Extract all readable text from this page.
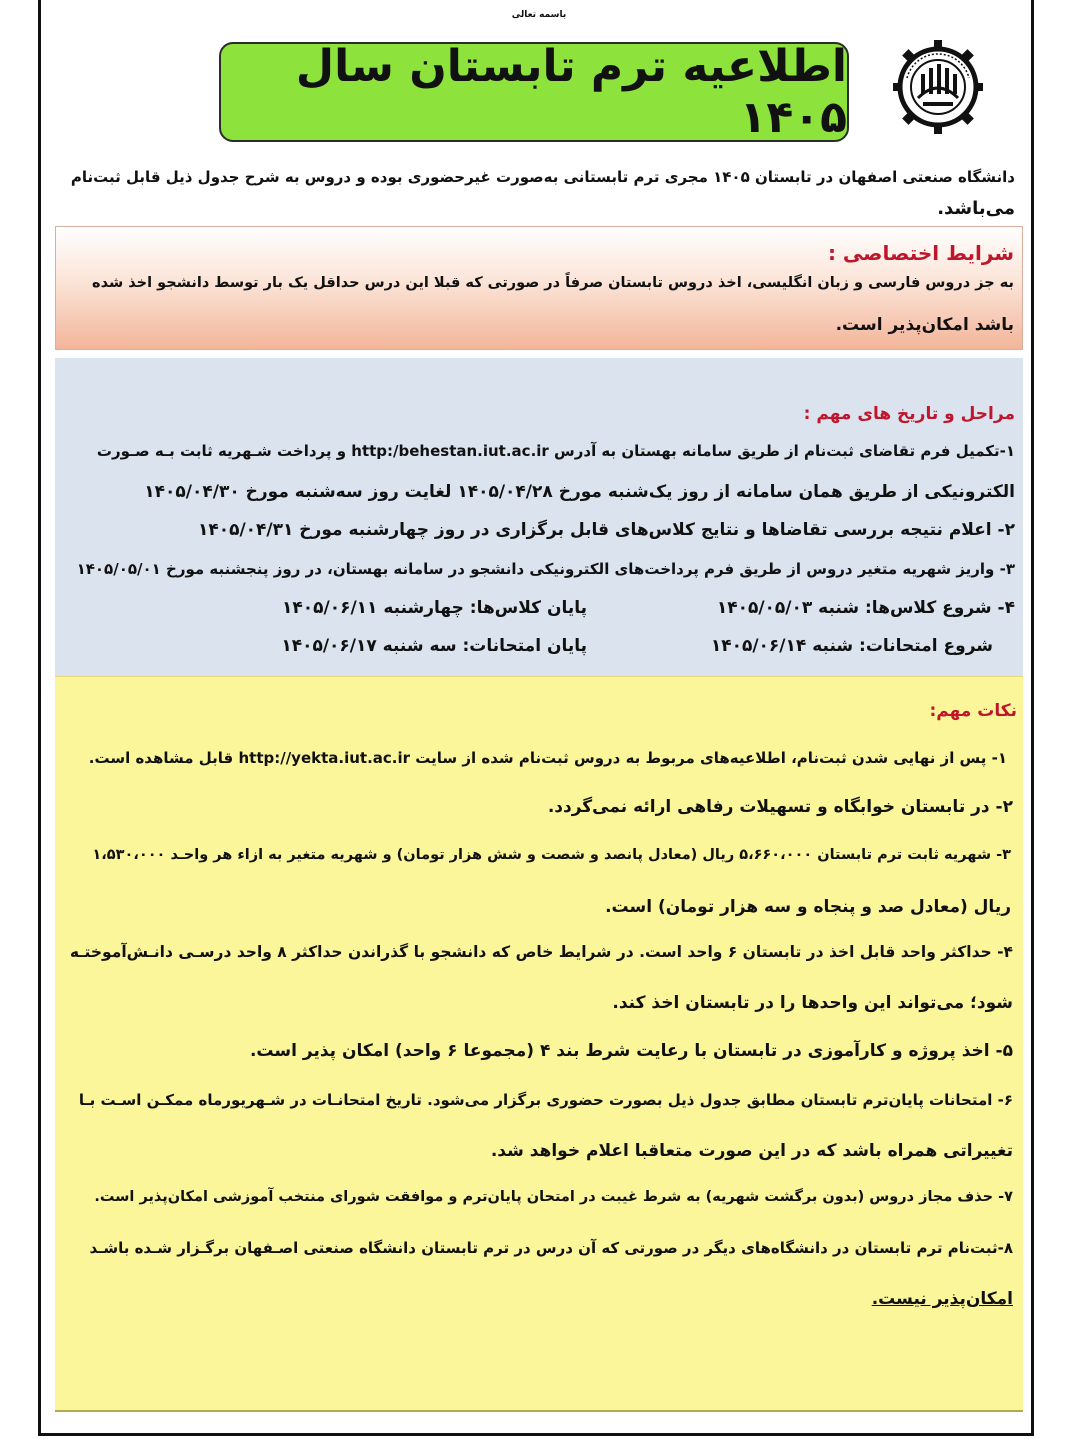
باسمه تعالی
اطلاعیه ترم تابستان سال ۱۴۰۵
دانشگاه صنعتی اصفهان در تابستان ۱۴۰۵ مجری ترم تابستانی به‌صورت غیرحضوری بوده و دروس به شرح جدول ذیل قابل ثبت‌نام
می‌باشد.
شرایط اختصاصی :
به جز دروس فارسی و زبان انگلیسی، اخذ دروس تابستان صرفاً در صورتی که قبلا این درس حداقل یک بار توسط دانشجو اخذ شده
باشد امکان‌پذیر است.
مراحل و تاریخ های مهم :
۱-تکمیل فرم تقاضای ثبت‌نام از طریق سامانه بهستان به آدرس http:/behestan.iut.ac.ir و پرداخت شـهریه ثابت بـه صـورت
الکترونیکی از طریق همان سامانه از روز یک‌شنبه مورخ ۱۴۰۵/۰۴/۲۸ لغایت روز سه‌شنبه مورخ ۱۴۰۵/۰۴/۳۰
۲- اعلام نتیجه بررسی تقاضاها و نتایج کلاس‌های قابل برگزاری در روز چهارشنبه مورخ ۱۴۰۵/۰۴/۳۱
۳- واریز شهریه متغیر دروس از طریق فرم پرداخت‌های الکترونیکی دانشجو در سامانه بهستان، در روز پنجشنبه مورخ ۱۴۰۵/۰۵/۰۱
۴- شروع کلاس‌ها: شنبه ۱۴۰۵/۰۵/۰۳
پایان کلاس‌ها: چهارشنبه ۱۴۰۵/۰۶/۱۱
شروع امتحانات: شنبه ۱۴۰۵/۰۶/۱۴
پایان امتحانات: سه شنبه ۱۴۰۵/۰۶/۱۷
نکات مهم:
۱- پس از نهایی شدن ثبت‌نام، اطلاعیه‌های مربوط به دروس ثبت‌نام شده از سایت http://yekta.iut.ac.ir قابل مشاهده است.
۲- در تابستان خوابگاه و تسهیلات رفاهی ارائه نمی‌گردد.
۳- شهریه ثابت ترم تابستان ۵،۶۶۰،۰۰۰ ریال (معادل پانصد و شصت و شش هزار تومان) و شهریه متغیر به ازاء هر واحـد ۱،۵۳۰،۰۰۰
ریال (معادل صد و پنجاه و سه هزار تومان) است.
۴- حداکثر واحد قابل اخذ در تابستان ۶ واحد است. در شرایط خاص که دانشجو با گذراندن حداکثر ۸ واحد درسـی دانـش‌آموختـه
شود؛ می‌تواند این واحدها را در تابستان اخذ کند.
۵- اخذ پروژه و کارآموزی در تابستان با رعایت شرط بند ۴ (مجموعا ۶ واحد) امکان پذیر است.
۶- امتحانات پایان‌ترم تابستان مطابق جدول ذیل بصورت حضوری برگزار می‌شود. تاریخ امتحانـات در شـهریورماه ممکـن اسـت بـا
تغییراتی همراه باشد که در این صورت متعاقبا اعلام خواهد شد.
۷- حذف مجاز دروس (بدون برگشت شهریه) به شرط غیبت در امتحان پایان‌ترم و موافقت شورای منتخب آموزشی امکان‌پذیر است.
۸-ثبت‌نام ترم تابستان در دانشگاه‌های دیگر در صورتی که آن درس در ترم تابستان دانشگاه صنعتی اصـفهان برگـزار شـده باشـد
امکان‌پذیر نیست.
